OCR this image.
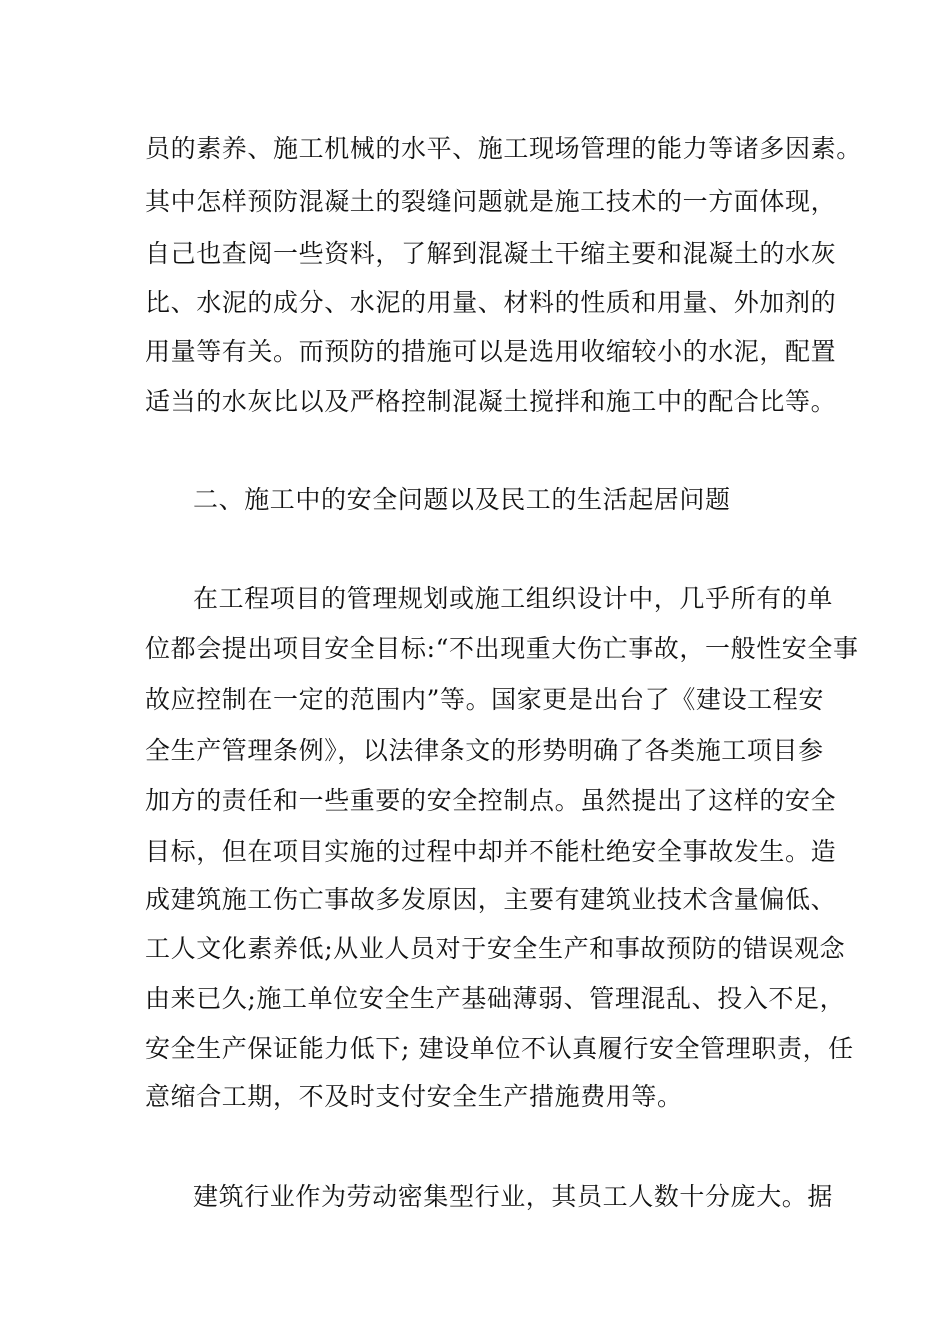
员的素养、施工机械的水平、施工现场管理的能力等诸多因素。
其中怎样预防混凝土的裂缝问题就是施工技术的一方面体现，
自己也查阅一些资料，了解到混凝土干缩主要和混凝土的水灰
比、水泥的成分、水泥的用量、材料的性质和用量、外加剂的
用量等有关。而预防的措施可以是选用收缩较小的水泥，配置
适当的水灰比以及严格控制混凝土搅拌和施工中的配合比等。
二、施工中的安全问题以及民工的生活起居问题
在工程项目的管理规划或施工组织设计中，几乎所有的单
位都会提出项目安全目标:“不出现重大伤亡事故，一般性安全事
故应控制在一定的范围内”等。国家更是出台了《建设工程安
全生产管理条例》，以法律条文的形势明确了各类施工项目参
加方的责任和一些重要的安全控制点。虽然提出了这样的安全
目标，但在项目实施的过程中却并不能杜绝安全事故发生。造
成建筑施工伤亡事故多发原因，主要有建筑业技术含量偏低、
工人文化素养低;从业人员对于安全生产和事故预防的错误观念
由来已久;施工单位安全生产基础薄弱、管理混乱、投入不足，
安全生产保证能力低下; 建设单位不认真履行安全管理职责，任
意缩合工期，不及时支付安全生产措施费用等。
建筑行业作为劳动密集型行业，其员工人数十分庞大。据
